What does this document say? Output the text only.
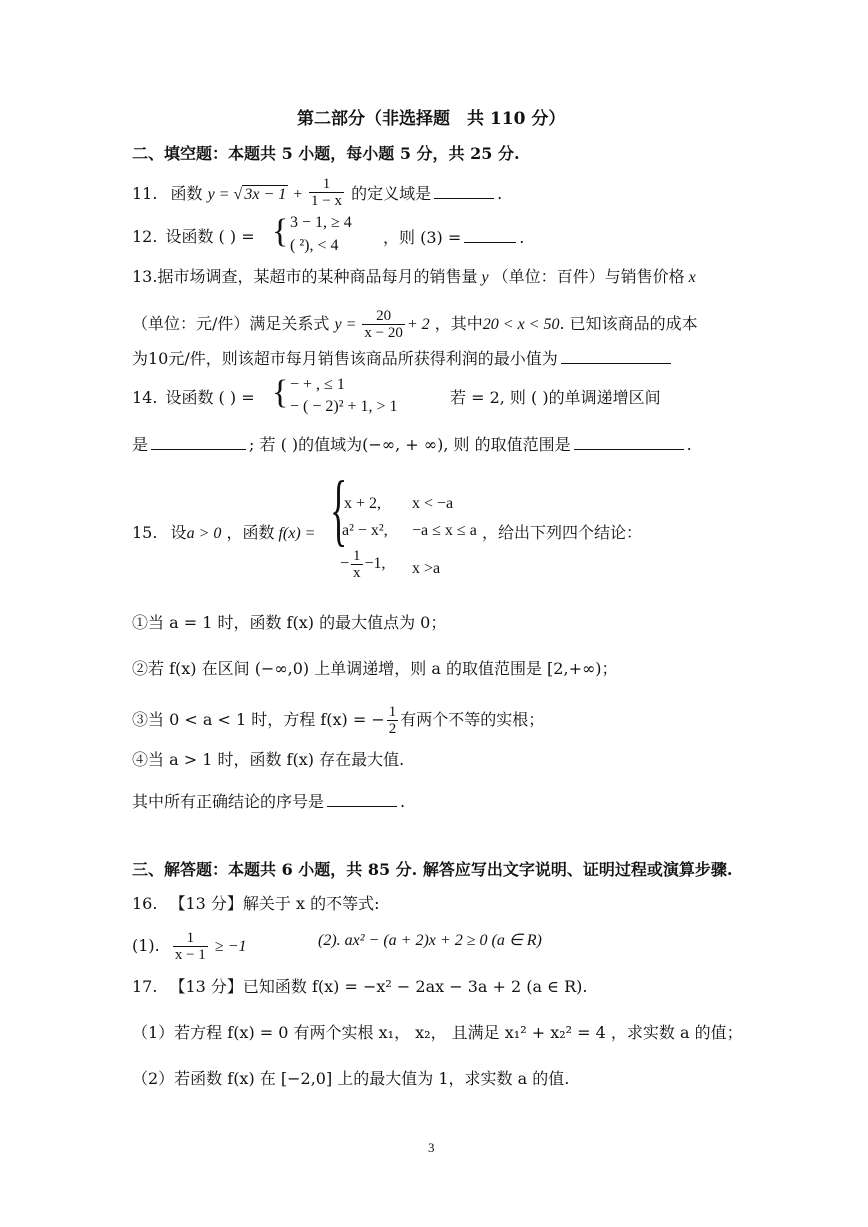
第二部分（非选择题　共 110 分）
二、填空题：本题共 5 小题，每小题 5 分，共 25 分.
11. 函数 y = √ $3x - 1 + \frac{1}{1 - x}$ 的定义域是	.
12. 设函数 ( ) = { 3 − 1, ≥ 4
( ²), < 4	，则 (3) =	.
13.据市场调查，某超市的某种商品每月的销售量 y （单位：百件）与销售价格 x
（单位：元/件）满足关系式 $y = \frac{20}{x - 20} + 2$ ，其中20 < x < 50. 已知该商品的成本
为10元/件，则该超市每月销售该商品所获得利润的最小值为
14. 设函数 ( ) = { − + , ≤ 1
− ( − 2)² + 1, > 1	若 = 2, 则 ( )的单调递增区间
是	; 若 ( )的值域为(−∞, + ∞), 则 的取值范围是	.
15. 设a > 0 ，函数 f(x) = {
x + 2, x < −a
a² − x², −a ≤ x ≤ a
− $\frac{1}{x} -1$, x >a
，给出下列四个结论：
①当 a = 1 时，函数 f(x) 的最大值点为 0；
②若 f(x) 在区间 (−∞,0) 上单调递增，则 a 的取值范围是 [2,+∞)；
③当 0 < a < 1 时，方程 f(x) = − $\frac{1}{2}$ 有两个不等的实根；
④当 a > 1 时，函数 f(x) 存在最大值.
其中所有正确结论的序号是	.
三、解答题：本题共 6 小题，共 85 分. 解答应写出文字说明、证明过程或演算步骤.
16. 【13 分】解关于 x 的不等式:
(1). $\frac{1}{x - 1} \ge -1$	(2). ax² − (a + 2)x + 2 ≥ 0 (a ∈ R)
17. 【13 分】已知函数 f(x) = −x² − 2ax − 3a + 2 (a ∈ R).
（1）若方程 f(x) = 0 有两个实根 x₁， x₂， 且满足 x₁² + x₂² = 4 ，求实数 a 的值；
（2）若函数 f(x) 在 [−2,0] 上的最大值为 1，求实数 a 的值.
3
